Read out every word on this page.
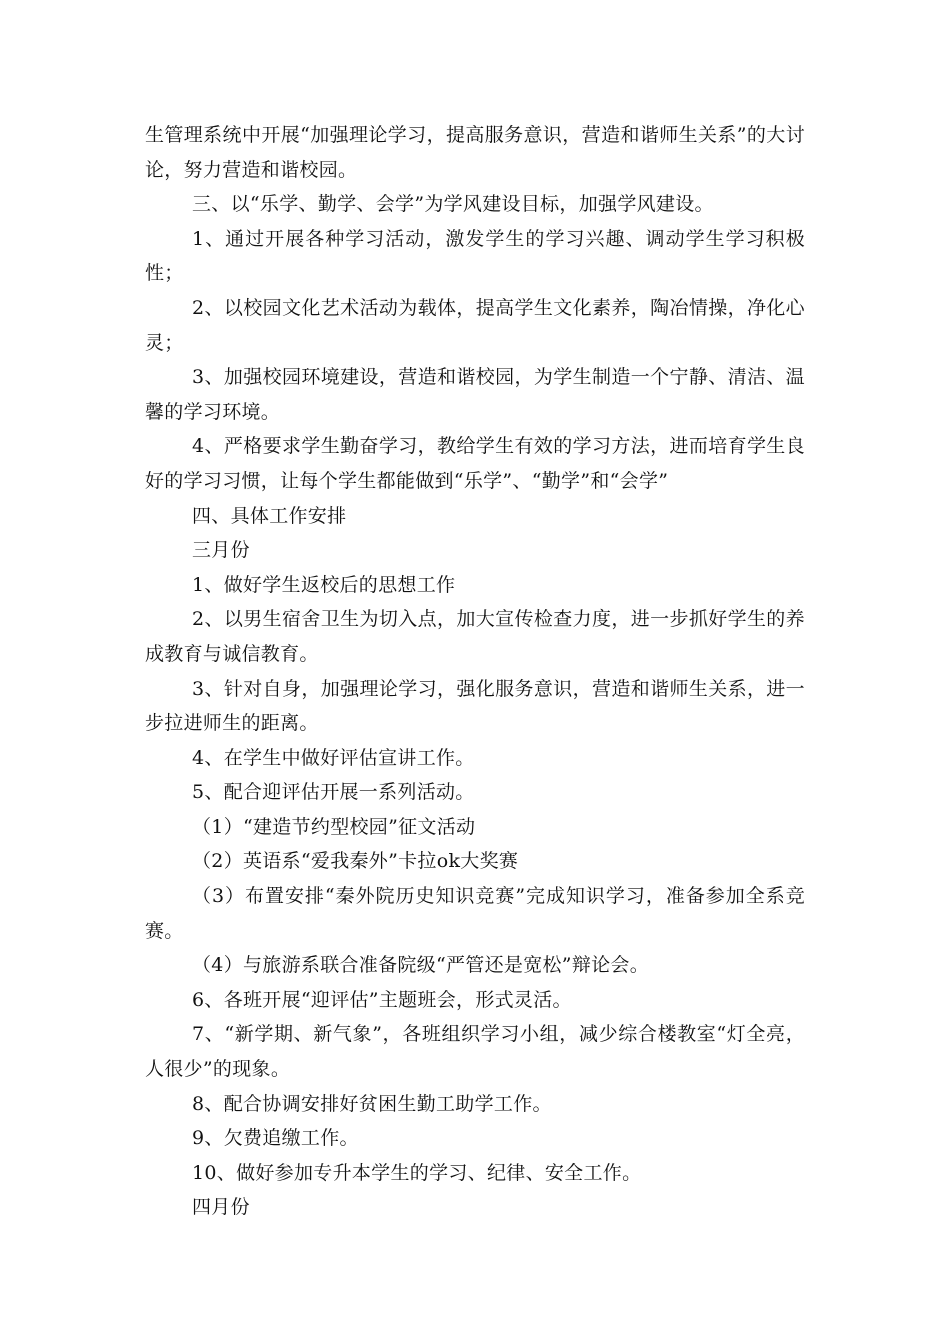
生管理系统中开展“加强理论学习，提高服务意识，营造和谐师生关系”的大讨论，努力营造和谐校园。

三、以“乐学、勤学、会学”为学风建设目标，加强学风建设。

1、通过开展各种学习活动，激发学生的学习兴趣、调动学生学习积极性；

2、以校园文化艺术活动为载体，提高学生文化素养，陶冶情操，净化心灵；

3、加强校园环境建设，营造和谐校园，为学生制造一个宁静、清洁、温馨的学习环境。

4、严格要求学生勤奋学习，教给学生有效的学习方法，进而培育学生良好的学习习惯，让每个学生都能做到“乐学”、“勤学”和“会学”

四、具体工作安排

三月份

1、做好学生返校后的思想工作

2、以男生宿舍卫生为切入点，加大宣传检查力度，进一步抓好学生的养成教育与诚信教育。

3、针对自身，加强理论学习，强化服务意识，营造和谐师生关系，进一步拉进师生的距离。

4、在学生中做好评估宣讲工作。

5、配合迎评估开展一系列活动。

（1）“建造节约型校园”征文活动

（2）英语系“爱我秦外”卡拉ok大奖赛

（3）布置安排“秦外院历史知识竞赛”完成知识学习，准备参加全系竞赛。

（4）与旅游系联合准备院级“严管还是宽松”辩论会。

6、各班开展“迎评估”主题班会，形式灵活。

7、“新学期、新气象”，各班组织学习小组，减少综合楼教室“灯全亮，人很少”的现象。

8、配合协调安排好贫困生勤工助学工作。

9、欠费追缴工作。

10、做好参加专升本学生的学习、纪律、安全工作。

四月份
